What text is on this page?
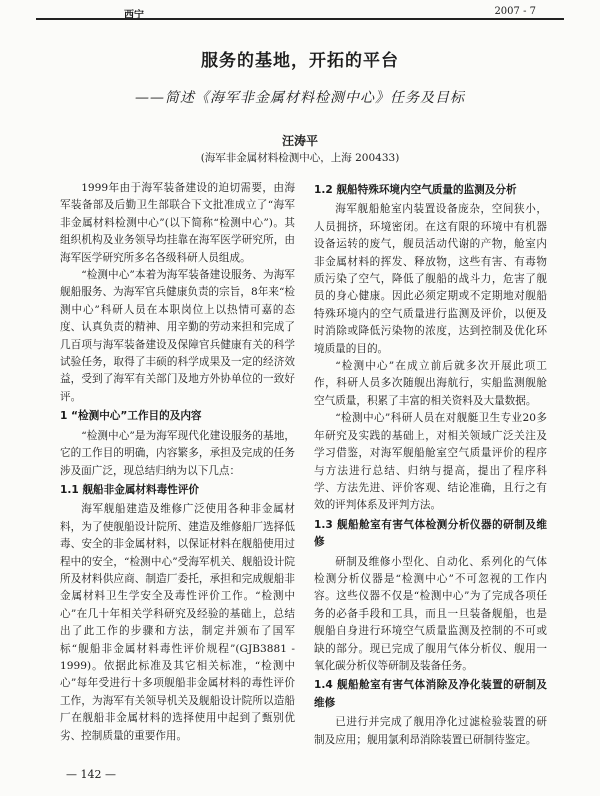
西宁	2007 - 7
服务的基地，开拓的平台
——简述《海军非金属材料检测中心》任务及目标
汪涛平
(海军非金属材料检测中心，上海 200433)

1999年由于海军装备建设的迫切需要，由海军装备部及后勤卫生部联合下文批准成立了“海军非金属材料检测中心”(以下简称“检测中心”)。其组织机构及业务领导均挂靠在海军医学研究所，由海军医学研究所多名各级科研人员组成。

“检测中心”本着为海军装备建设服务、为海军舰船服务、为海军官兵健康负责的宗旨，8年来“检测中心”科研人员在本职岗位上以热情可嘉的态度、认真负责的精神、用辛勤的劳动来担和完成了几百项与海军装备建设及保障官兵健康有关的科学试验任务，取得了丰硕的科学成果及一定的经济效益，受到了海军有关部门及地方外协单位的一致好评。

1 “检测中心”工作目的及内容

“检测中心”是为海军现代化建设服务的基地，它的工作目的明确，内容繁多，承担及完成的任务涉及面广泛，现总结归纳为以下几点：

1.1 舰船非金属材料毒性评价

海军舰船建造及维修广泛使用各种非金属材料，为了使舰船设计院所、建造及维修船厂选择低毒、安全的非金属材料，以保证材料在舰船使用过程中的安全，“检测中心”受海军机关、舰船设计院所及材料供应商、制造厂委托，承担和完成舰船非金属材料卫生学安全及毒性评价工作。“检测中心”在几十年相关学科研究及经验的基础上，总结出了此工作的步骤和方法，制定并颁布了国军标“舰船非金属材料毒性评价规程”(GJB3881 - 1999)。依据此标准及其它相关标准，“检测中心”每年受进行十多项舰船非金属材料的毒性评价工作，为海军有关领导机关及舰船设计院所以造船厂在舰船非金属材料的选择使用中起到了甄别优劣、控制质量的重要作用。

1.2 舰船特殊环境内空气质量的监测及分析

海军舰船舱室内装置设备庞杂，空间狭小，人员拥挤，环境密闭。在这有限的环境中有机器设备运转的废气，舰员活动代谢的产物，舱室内非金属材料的挥发、释放物，这些有害、有毒物质污染了空气，降低了舰船的战斗力，危害了舰员的身心健康。因此必须定期或不定期地对舰船特殊环境内的空气质量进行监测及评价，以便及时消除或降低污染物的浓度，达到控制及优化环境质量的目的。

“检测中心”在成立前后就多次开展此项工作，科研人员多次随舰出海航行，实船监测舰舱空气质量，积累了丰富的相关资料及大量数据。

“检测中心”科研人员在对舰艇卫生专业20多年研究及实践的基础上，对相关领域广泛关注及学习借鉴，对海军舰船舱室空气质量评价的程序与方法进行总结、归纳与提高，提出了程序科学、方法先进、评价客观、结论准确，且行之有效的评判体系及评判方法。

1.3 舰船舱室有害气体检测分析仪器的研制及维修

研制及维修小型化、自动化、系列化的气体检测分析仪器是“检测中心”不可忽视的工作内容。这些仪器不仅是“检测中心”为了完成各项任务的必备手段和工具，而且一旦装备舰船，也是舰船自身进行环境空气质量监测及控制的不可或缺的部分。现已完成了舰用气体分析仪、舰用一氧化碳分析仪等研制及装备任务。

1.4 舰船舱室有害气体消除及净化装置的研制及维修

已进行并完成了舰用净化过滤检验装置的研制及应用；舰用氯利昂消除装置已研制待鉴定。

— 142 —
